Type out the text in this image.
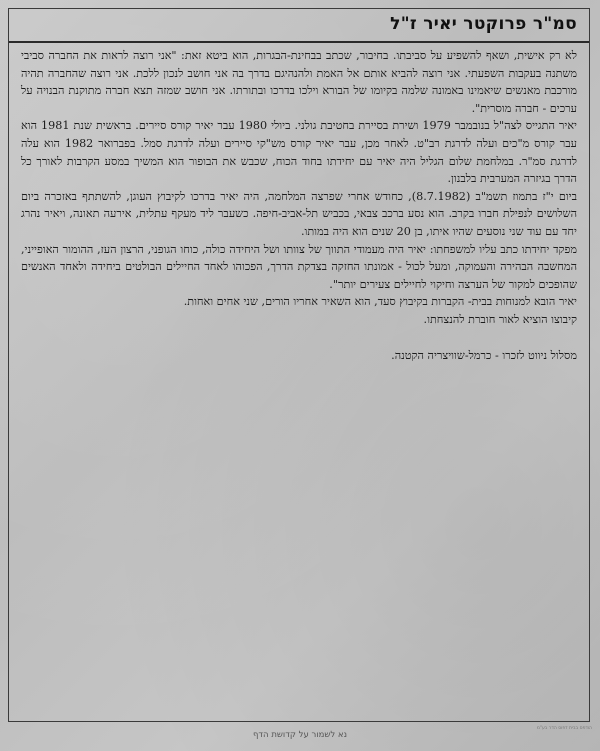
סמ"ר פרוקטר יאיר ז"ל

לא רק אישית, ושאף להשפיע על סביבתו. בחיבור, שכתב בבחינת-הבגרות, הוא ביטא זאת: "אני רוצה לראות את החברה סביבי משתנה בעקבות השפעתי. אני רוצה להביא אותם אל האמת ולהנהיגם בדרך בה אני חושב לנכון ללכת. אני רוצה שהחברה תהיה מורכבת מאנשים שיאמינו באמונה שלמה בקיומו של הבורא וילכו בדרכו ובתורתו. אני חושב שמזה תצא חברה מתוקנת הבנויה על ערכים - חברה מוסרית".

יאיר התגייס לצה"ל בנובמבר 1979 ושירת בסיירת בחטיבת גולני. ביולי 1980 עבר יאיר קורס סיירים. בראשית שנת 1981 הוא עבר קורס מ"כים ועלה לדרגת רב"ט. לאחר מכן, עבר יאיר קורס מש"קי סיירים ועלה לדרגת סמל. בפברואר 1982 הוא עלה לדרגת סמ"ר. במלחמת שלום הגליל היה יאיר עם יחידתו בחוד הכוח, שכבש את הבופור הוא המשיך במסע הקרבות לאורך כל הדרך בגיזרה המערבית בלבנון.

ביום י"ז בתמוז תשמ"ב (8.7.1982), כחודש אחרי שפרצה המלחמה, היה יאיר בדרכו לקיבוץ העוגן, להשתתף באזכרה ביום השלושים לנפילת חברו בקרב. הוא נסע ברכב צבאי, בכביש תל-אביב-חיפה. כשעבר ליד מעקף עתלית, אירעה תאונה, ויאיר נהרג יחד עם עוד שני נוסעים שהיו איתו, בן 20 שנים הוא היה במותו.

מפקד יחידתו כתב עליו למשפחתו: יאיר היה מעמודי התווך של צוותו ושל היחידה כולה, כוחו הגופני, הרצון העז, ההומור האופייני, המחשבה הבהירה והעמוקה, ומעל לכול - אמונתו החזקה בצדקת הדרך, הפכוהו לאחד החיילים הבולטים ביחידה ולאחד האנשים שהופכים למקור של הערצה וחיקוי לחיילים צעירים יותר".

יאיר הובא למנוחות בבית- הקברות בקיבוץ סעד, הוא השאיר אחריו הורים, שני אחים ואחות.

קיבוצו הוציא לאור חוברת להנצחתו.

מסלול ניווט לזכרו - כרמל-שוויצריה הקטנה.

הודפס בבית דפוס הדר בע"מ
נא לשמור על קדושת הדף
